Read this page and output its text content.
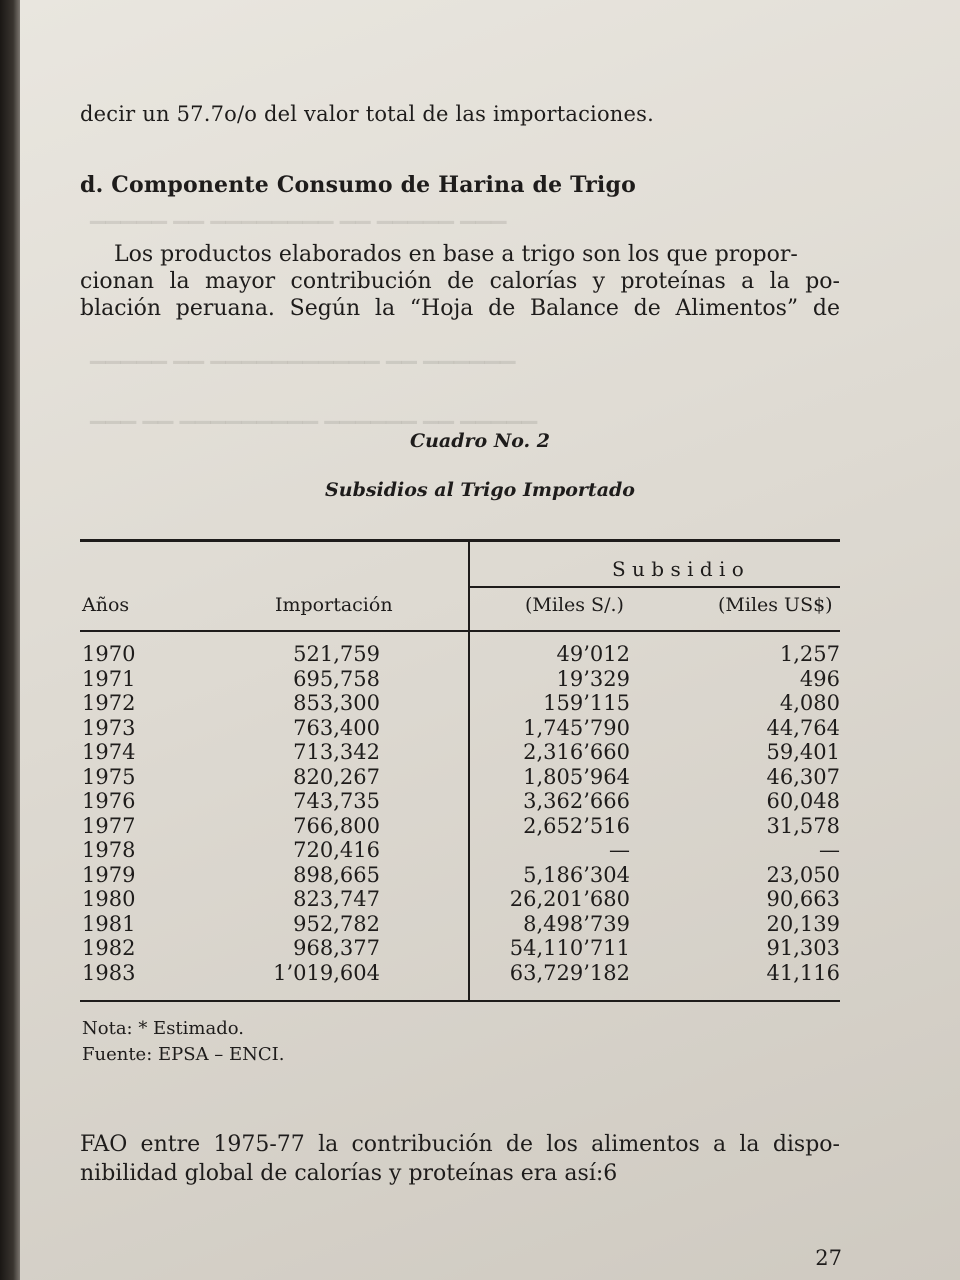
▁▁▁ ▁▁▁▁▁ ▁▁ ▁▁▁▁▁▁▁▁ ▁▁ ▁▁▁▁▁
▁▁▁▁▁▁ ▁▁ ▁▁▁▁▁▁▁▁▁▁▁ ▁▁ ▁▁▁▁▁
▁▁▁▁▁ ▁▁ ▁▁▁▁▁▁ ▁▁▁▁▁▁▁▁▁ ▁▁ ▁▁▁
decir un 57.7o/o del valor total de las importaciones.
d. Componente Consumo de Harina de Trigo
Los productos elaborados en base a trigo son los que propor-
cionan la mayor contribución de calorías y proteínas a la po-
blación peruana. Según la “Hoja de Balance de Alimentos” de
Cuadro No. 2
Subsidios al Trigo Importado
S u b s i d i o
Años	Importación	(Miles S/.)	(Miles US$)
1970	521,759	49’012	1,257
1971	695,758	19’329	496
1972	853,300	159’115	4,080
1973	763,400	1,745’790	44,764
1974	713,342	2,316’660	59,401
1975	820,267	1,805’964	46,307
1976	743,735	3,362’666	60,048
1977	766,800	2,652’516	31,578
1978	720,416	—	—
1979	898,665	5,186’304	23,050
1980	823,747	26,201’680	90,663
1981	952,782	8,498’739	20,139
1982	968,377	54,110’711	91,303
1983	1’019,604	63,729’182	41,116
Nota: * Estimado.
Fuente: EPSA – ENCI.
FAO entre 1975-77 la contribución de los alimentos a la dispo-
nibilidad global de calorías y proteínas era así:6
27
